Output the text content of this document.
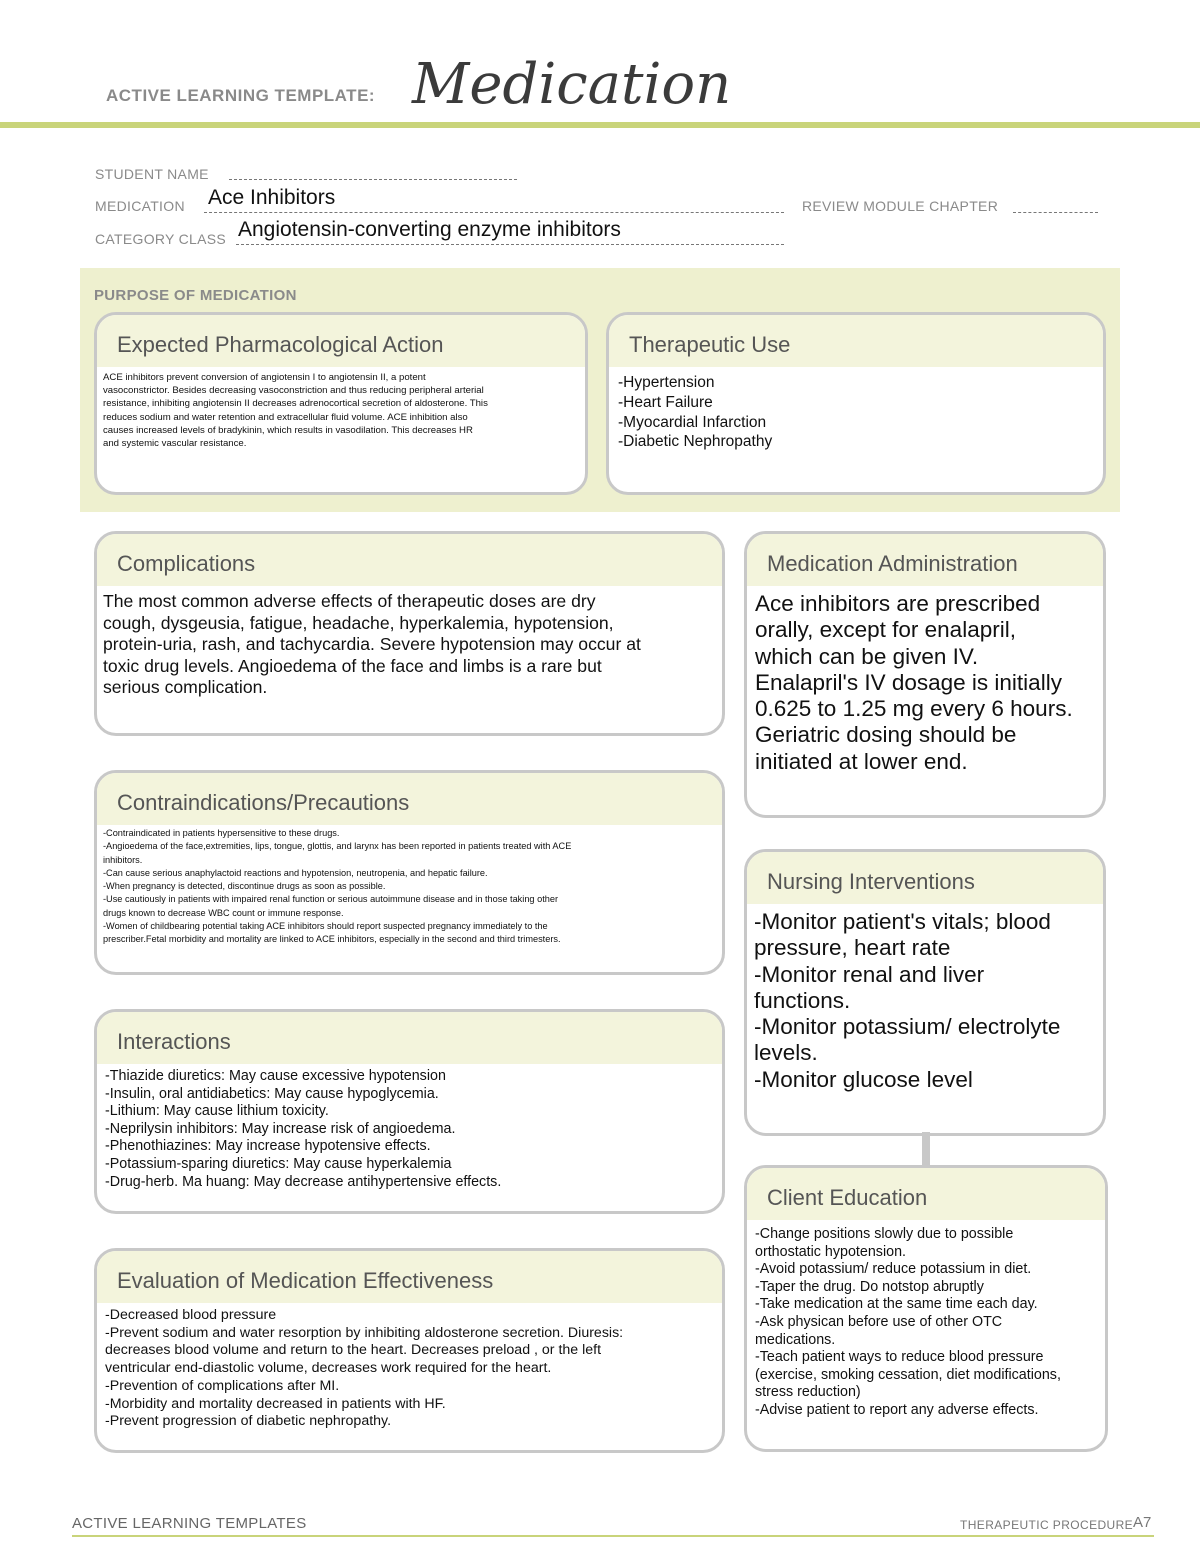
ACTIVE LEARNING TEMPLATE: Medication
STUDENT NAME
MEDICATION Ace Inhibitors	REVIEW MODULE CHAPTER
CATEGORY CLASS Angiotensin-converting enzyme inhibitors
PURPOSE OF MEDICATION
Expected Pharmacological Action
ACE inhibitors prevent conversion of angiotensin I to angiotensin II, a potent
vasoconstrictor. Besides decreasing vasoconstriction and thus reducing peripheral arterial
resistance, inhibiting angiotensin II decreases adrenocortical secretion of aldosterone. This
reduces sodium and water retention and extracellular fluid volume. ACE inhibition also
causes increased levels of bradykinin, which results in vasodilation. This decreases HR
and systemic vascular resistance.
Therapeutic Use
-Hypertension
-Heart Failure
-Myocardial Infarction
-Diabetic Nephropathy
Complications
The most common adverse effects of therapeutic doses are dry
cough, dysgeusia, fatigue, headache, hyperkalemia, hypotension,
protein-uria, rash, and tachycardia. Severe hypotension may occur at
toxic drug levels. Angioedema of the face and limbs is a rare but
serious complication.
Medication Administration
Ace inhibitors are prescribed
orally, except for enalapril,
which can be given IV.
Enalapril's IV dosage is initially
0.625 to 1.25 mg every 6 hours.
Geriatric dosing should be
initiated at lower end.
Contraindications/Precautions
-Contraindicated in patients hypersensitive to these drugs.
-Angioedema of the face,extremities, lips, tongue, glottis, and larynx has been reported in patients treated with ACE
inhibitors.
-Can cause serious anaphylactoid reactions and hypotension, neutropenia, and hepatic failure.
-When pregnancy is detected, discontinue drugs as soon as possible.
-Use cautiously in patients with impaired renal function or serious autoimmune disease and in those taking other
drugs known to decrease WBC count or immune response.
-Women of childbearing potential taking ACE inhibitors should report suspected pregnancy immediately to the
prescriber.Fetal morbidity and mortality are linked to ACE inhibitors, especially in the second and third trimesters.
Nursing Interventions
-Monitor patient's vitals; blood
pressure, heart rate
-Monitor renal and liver
functions.
-Monitor potassium/ electrolyte
levels.
-Monitor glucose level
Interactions
-Thiazide diuretics: May cause excessive hypotension
-Insulin, oral antidiabetics: May cause hypoglycemia.
-Lithium: May cause lithium toxicity.
-Neprilysin inhibitors: May increase risk of angioedema.
-Phenothiazines: May increase hypotensive effects.
-Potassium-sparing diuretics: May cause hyperkalemia
-Drug-herb. Ma huang: May decrease antihypertensive effects.
Client Education
-Change positions slowly due to possible
orthostatic hypotension.
-Avoid potassium/ reduce potassium in diet.
-Taper the drug. Do notstop abruptly
-Take medication at the same time each day.
-Ask physican before use of other OTC
medications.
-Teach patient ways to reduce blood pressure
(exercise, smoking cessation, diet modifications,
stress reduction)
-Advise patient to report any adverse effects.
Evaluation of Medication Effectiveness
-Decreased blood pressure
-Prevent sodium and water resorption by inhibiting aldosterone secretion. Diuresis:
decreases blood volume and return to the heart. Decreases preload , or the left
ventricular end-diastolic volume, decreases work required for the heart.
-Prevention of complications after MI.
-Morbidity and mortality decreased in patients with HF.
-Prevent progression of diabetic nephropathy.
ACTIVE LEARNING TEMPLATES	THERAPEUTIC PROCEDURE A7
